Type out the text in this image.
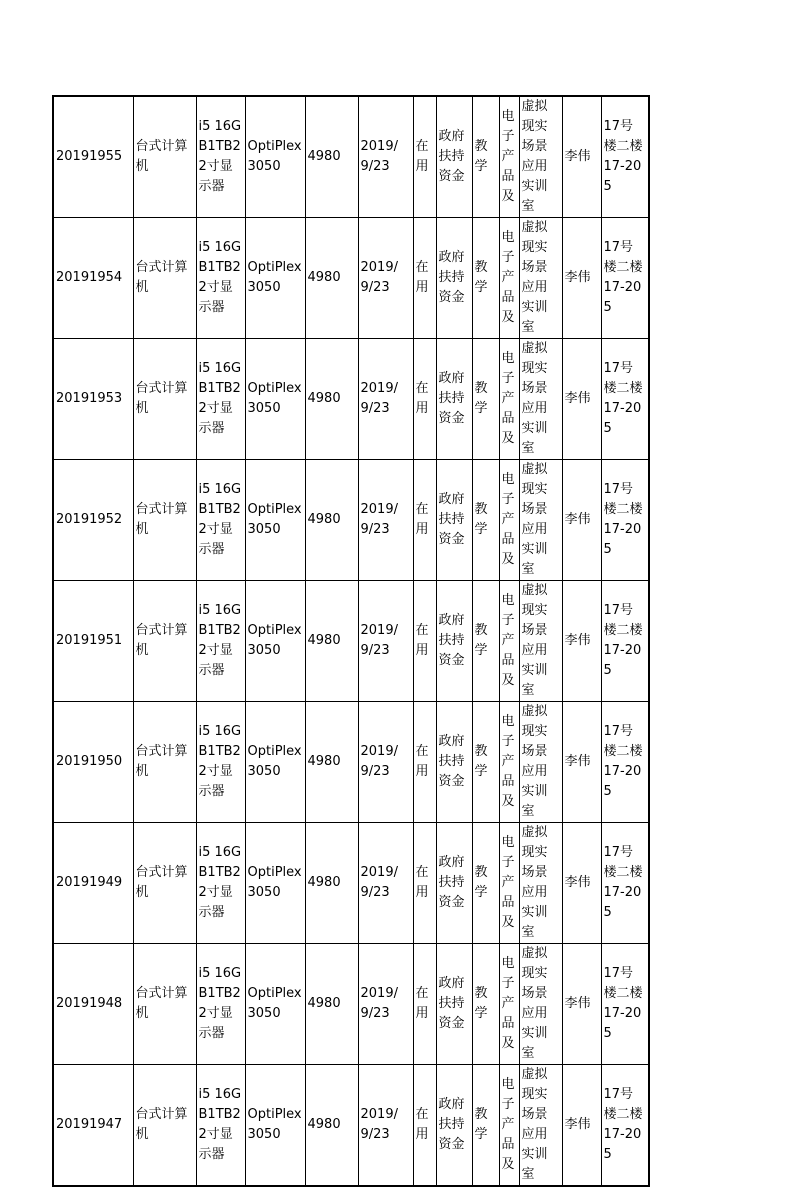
20191955	台式计算机	i5 16GB1TB22寸显示器	OptiPlex 3050	4980	2019/9/23	在用	政府扶持资金	教学	电子产品及	虚拟现实场景应用实训室	李伟	17号楼二楼17-205
20191954	台式计算机	i5 16GB1TB22寸显示器	OptiPlex 3050	4980	2019/9/23	在用	政府扶持资金	教学	电子产品及	虚拟现实场景应用实训室	李伟	17号楼二楼17-205
20191953	台式计算机	i5 16GB1TB22寸显示器	OptiPlex 3050	4980	2019/9/23	在用	政府扶持资金	教学	电子产品及	虚拟现实场景应用实训室	李伟	17号楼二楼17-205
20191952	台式计算机	i5 16GB1TB22寸显示器	OptiPlex 3050	4980	2019/9/23	在用	政府扶持资金	教学	电子产品及	虚拟现实场景应用实训室	李伟	17号楼二楼17-205
20191951	台式计算机	i5 16GB1TB22寸显示器	OptiPlex 3050	4980	2019/9/23	在用	政府扶持资金	教学	电子产品及	虚拟现实场景应用实训室	李伟	17号楼二楼17-205
20191950	台式计算机	i5 16GB1TB22寸显示器	OptiPlex 3050	4980	2019/9/23	在用	政府扶持资金	教学	电子产品及	虚拟现实场景应用实训室	李伟	17号楼二楼17-205
20191949	台式计算机	i5 16GB1TB22寸显示器	OptiPlex 3050	4980	2019/9/23	在用	政府扶持资金	教学	电子产品及	虚拟现实场景应用实训室	李伟	17号楼二楼17-205
20191948	台式计算机	i5 16GB1TB22寸显示器	OptiPlex 3050	4980	2019/9/23	在用	政府扶持资金	教学	电子产品及	虚拟现实场景应用实训室	李伟	17号楼二楼17-205
20191947	台式计算机	i5 16GB1TB22寸显示器	OptiPlex 3050	4980	2019/9/23	在用	政府扶持资金	教学	电子产品及	虚拟现实场景应用实训室	李伟	17号楼二楼17-205
